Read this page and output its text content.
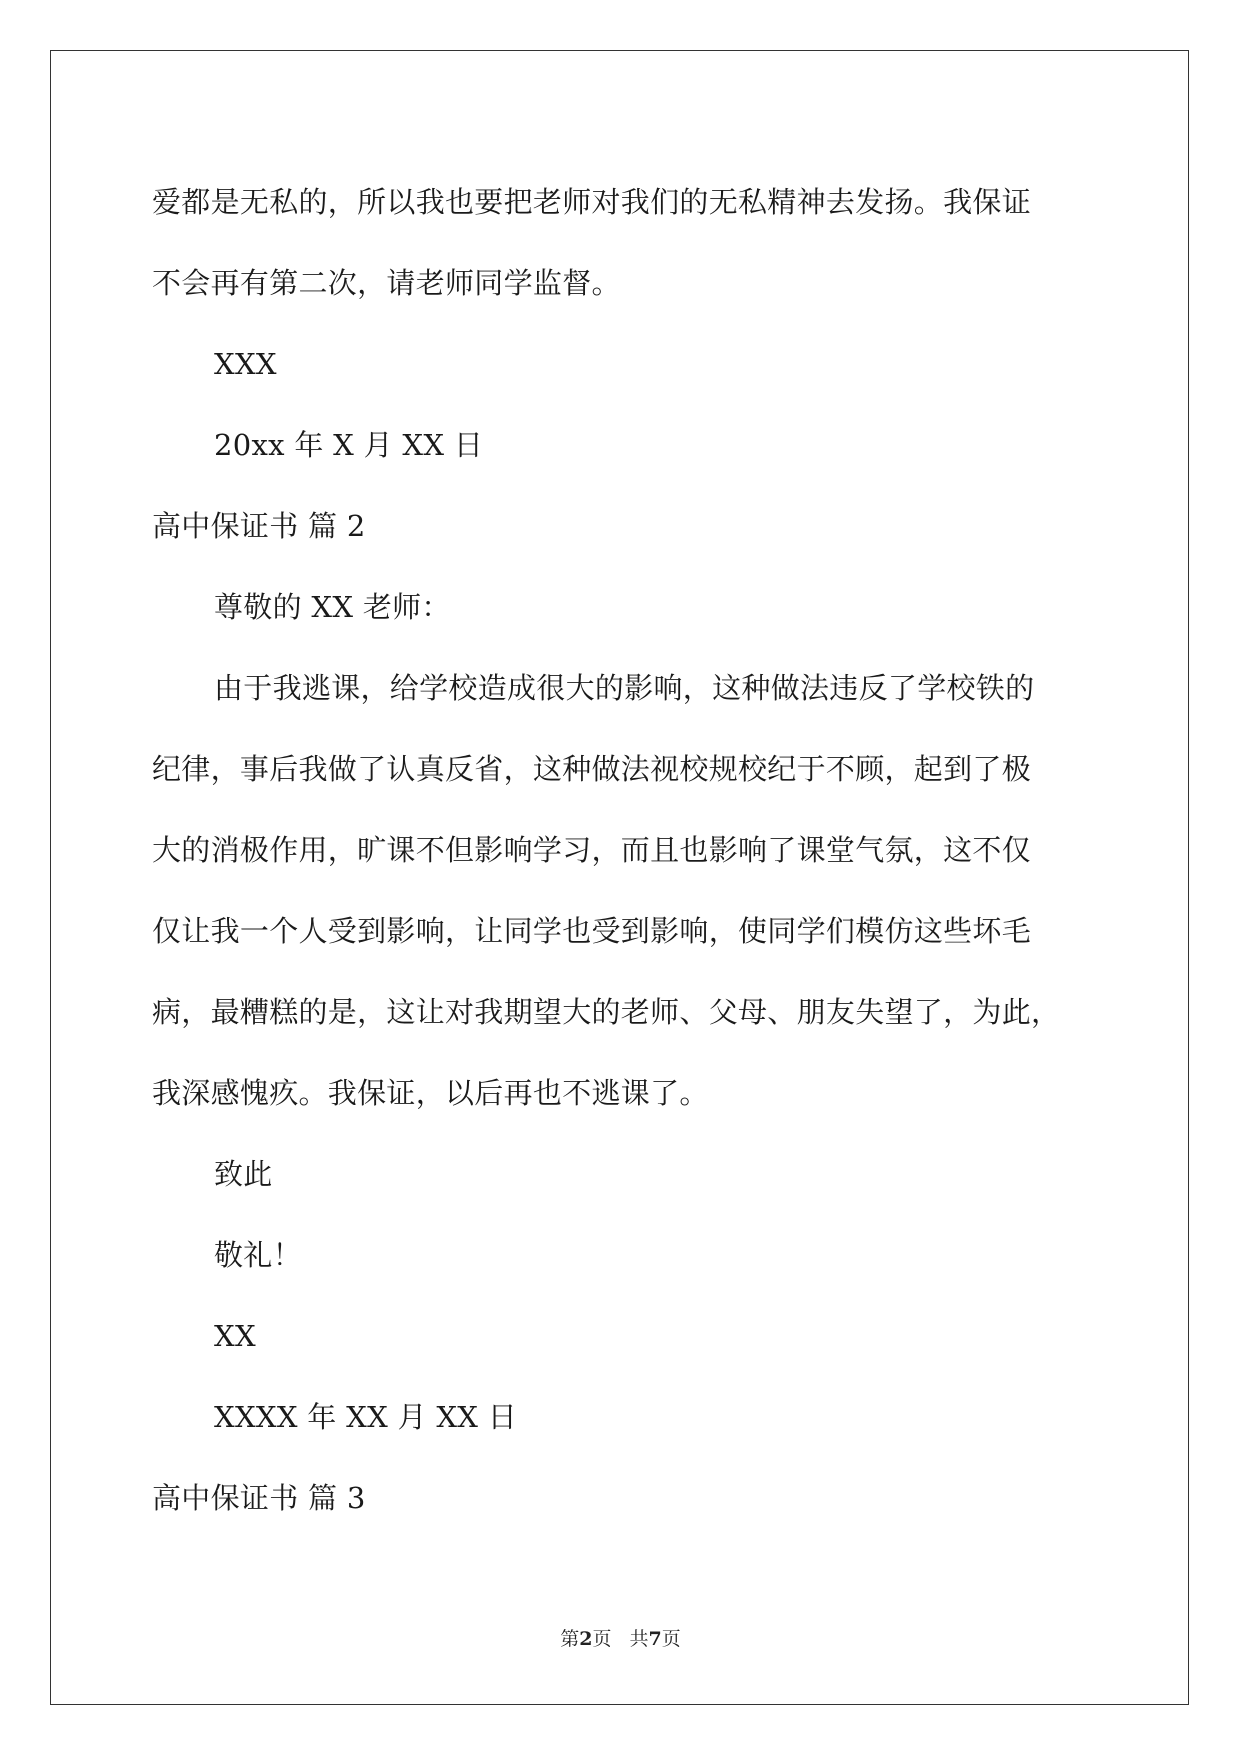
爱都是无私的，所以我也要把老师对我们的无私精神去发扬。我保证
不会再有第二次，请老师同学监督。
XXX
20xx 年 X 月 XX 日
高中保证书 篇 2
尊敬的 XX 老师：
由于我逃课，给学校造成很大的影响，这种做法违反了学校铁的
纪律，事后我做了认真反省，这种做法视校规校纪于不顾，起到了极
大的消极作用，旷课不但影响学习，而且也影响了课堂气氛，这不仅
仅让我一个人受到影响，让同学也受到影响，使同学们模仿这些坏毛
病，最糟糕的是，这让对我期望大的老师、父母、朋友失望了，为此，
我深感愧疚。我保证，以后再也不逃课了。
致此
敬礼！
XX
XXXX 年 XX 月 XX 日
高中保证书 篇 3
第2页 共7页
